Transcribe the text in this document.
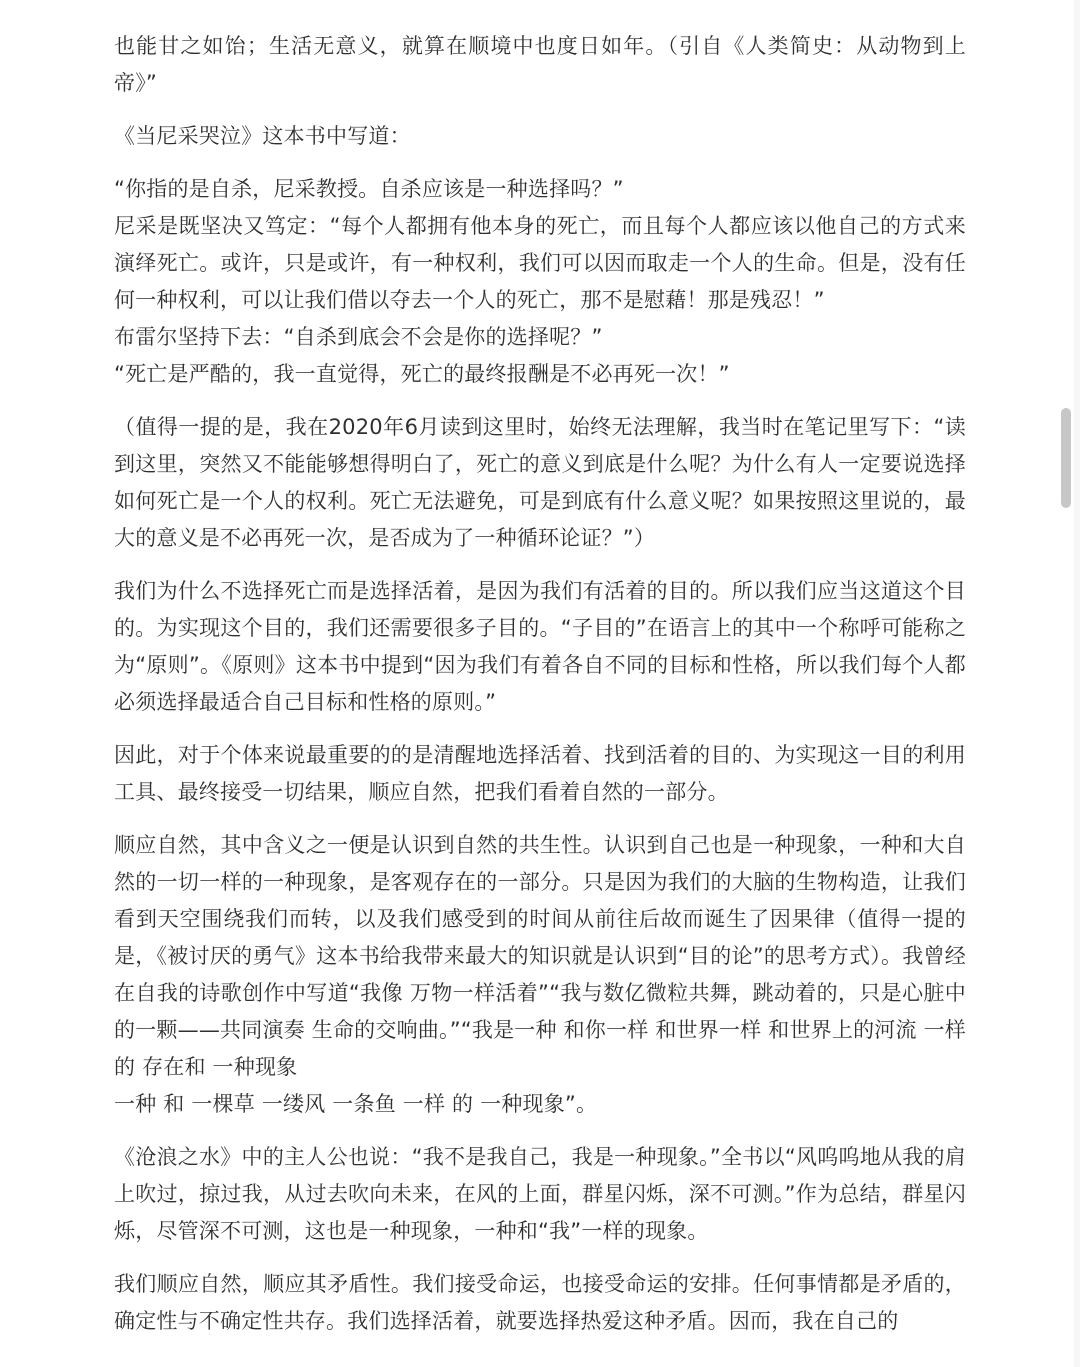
也能甘之如饴；生活无意义，就算在顺境中也度日如年。（引自《人类简史：从动物到上帝》”

《当尼采哭泣》这本书中写道：

“你指的是自杀，尼采教授。自杀应该是一种选择吗？”

尼采是既坚决又笃定：“每个人都拥有他本身的死亡，而且每个人都应该以他自己的方式来演绎死亡。或许，只是或许，有一种权利，我们可以因而取走一个人的生命。但是，没有任何一种权利，可以让我们借以夺去一个人的死亡，那不是慰藉！那是残忍！”

布雷尔坚持下去：“自杀到底会不会是你的选择呢？”

“死亡是严酷的，我一直觉得，死亡的最终报酬是不必再死一次！”

（值得一提的是，我在2020年6月读到这里时，始终无法理解，我当时在笔记里写下：“读到这里，突然又不能能够想得明白了，死亡的意义到底是什么呢？为什么有人一定要说选择如何死亡是一个人的权利。死亡无法避免，可是到底有什么意义呢？如果按照这里说的，最大的意义是不必再死一次，是否成为了一种循环论证？”）

我们为什么不选择死亡而是选择活着，是因为我们有活着的目的。所以我们应当这道这个目的。为实现这个目的，我们还需要很多子目的。“子目的”在语言上的其中一个称呼可能称之为“原则”。《原则》这本书中提到“因为我们有着各自不同的目标和性格，所以我们每个人都必须选择最适合自己目标和性格的原则。”

因此，对于个体来说最重要的的是清醒地选择活着、找到活着的目的、为实现这一目的利用工具、最终接受一切结果，顺应自然，把我们看着自然的一部分。

顺应自然，其中含义之一便是认识到自然的共生性。认识到自己也是一种现象，一种和大自然的一切一样的一种现象，是客观存在的一部分。只是因为我们的大脑的生物构造，让我们看到天空围绕我们而转，以及我们感受到的时间从前往后故而诞生了因果律（值得一提的是，《被讨厌的勇气》这本书给我带来最大的知识就是认识到“目的论”的思考方式）。我曾经在自我的诗歌创作中写道“我像 万物一样活着”“我与数亿微粒共舞，跳动着的，只是心脏中的一颗——共同演奏 生命的交响曲。”“我是一种 和你一样 和世界一样 和世界上的河流 一样 的 存在和 一种现象

一种 和 一棵草 一缕风 一条鱼 一样 的 一种现象”。

《沧浪之水》中的主人公也说：“我不是我自己，我是一种现象。”全书以“风呜呜地从我的肩上吹过，掠过我，从过去吹向未来，在风的上面，群星闪烁，深不可测。”作为总结，群星闪烁，尽管深不可测，这也是一种现象，一种和“我”一样的现象。

我们顺应自然，顺应其矛盾性。我们接受命运，也接受命运的安排。任何事情都是矛盾的，确定性与不确定性共存。我们选择活着，就要选择热爱这种矛盾。因而，我在自己的
